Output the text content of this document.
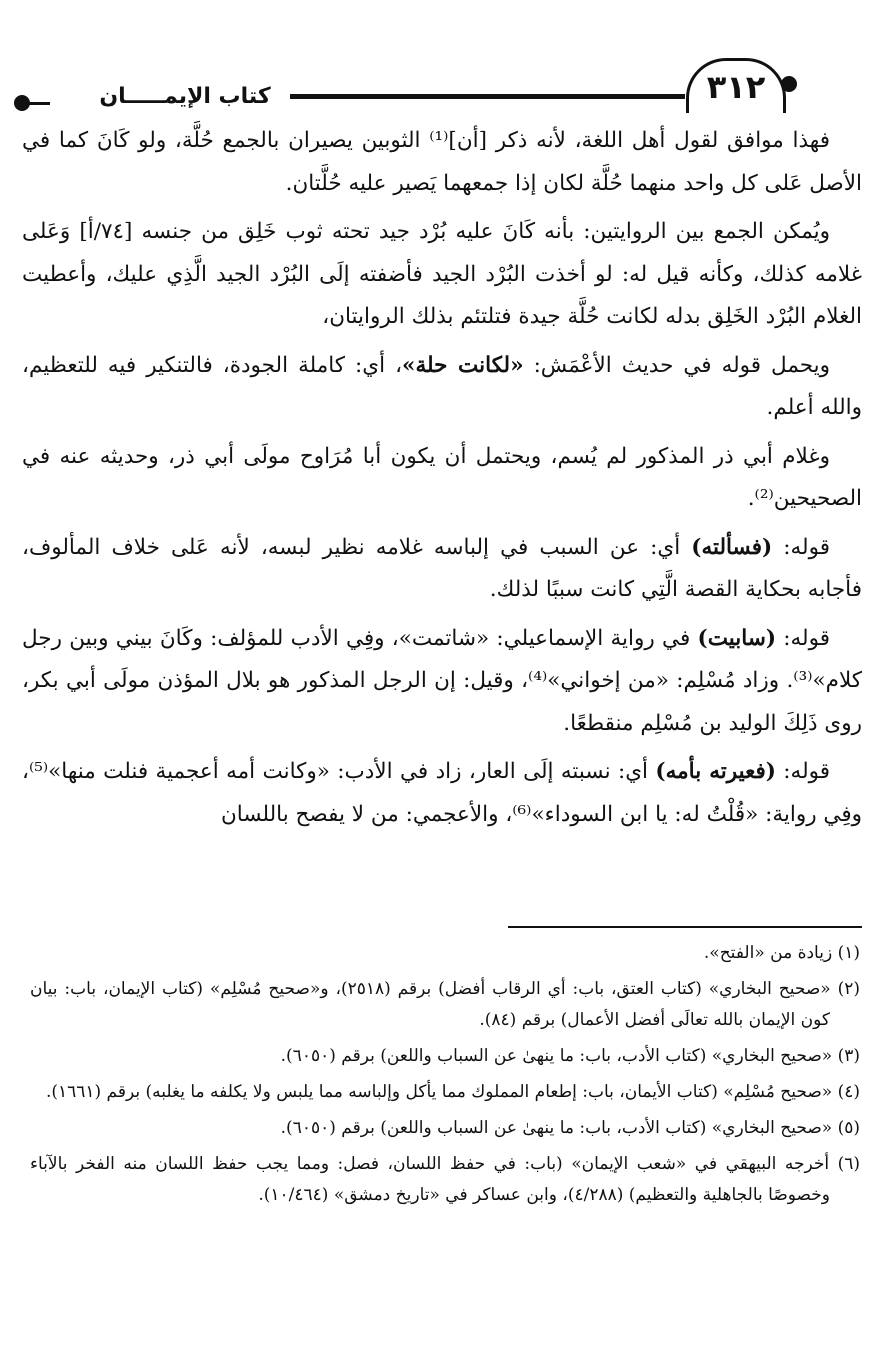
٣١٢
كتاب الإيمـــــان

فهذا موافق لقول أهل اللغة، لأنه ذكر [أن]⁽¹⁾ الثوبين يصيران بالجمع حُلَّة، ولو كَانَ كما في الأصل عَلى كل واحد منهما حُلَّة لكان إذا جمعهما يَصير عليه حُلَّتان.

ويُمكن الجمع بين الروايتين: بأنه كَانَ عليه بُرْد جيد تحته ثوب خَلِق من جنسه [٧٤/أ] وَعَلى غلامه كذلك، وكأنه قيل له: لو أخذت البُرْد الجيد فأضفته إلَى البُرْد الجيد الَّذِي عليك، وأعطيت الغلام البُرْد الخَلِق بدله لكانت حُلَّة جيدة فتلتئم بذلك الروايتان،

ويحمل قوله في حديث الأعْمَش: «لكانت حلة»، أي: كاملة الجودة، فالتنكير فيه للتعظيم، والله أعلم.

وغلام أبي ذر المذكور لم يُسم، ويحتمل أن يكون أبا مُرَاوح مولَى أبي ذر، وحديثه عنه في الصحيحين⁽²⁾.

قوله: (فسألته) أي: عن السبب في إلباسه غلامه نظير لبسه، لأنه عَلى خلاف المألوف، فأجابه بحكاية القصة الَّتِي كانت سببًا لذلك.

قوله: (سابيت) في رواية الإسماعيلي: «شاتمت»، وفِي الأدب للمؤلف: وكَانَ بيني وبين رجل كلام»⁽³⁾. وزاد مُسْلِم: «من إخواني»⁽⁴⁾، وقيل: إن الرجل المذكور هو بلال المؤذن مولَى أبي بكر، روى ذَلِكَ الوليد بن مُسْلِم منقطعًا.

قوله: (فعيرته بأمه) أي: نسبته إلَى العار، زاد في الأدب: «وكانت أمه أعجمية فنلت منها»⁽⁵⁾، وفِي رواية: «قُلْتُ له: يا ابن السوداء»⁽⁶⁾، والأعجمي: من لا يفصح باللسان

(١) زيادة من «الفتح».

(٢) «صحيح البخاري» (كتاب العتق، باب: أي الرقاب أفضل) برقم (٢٥١٨)، و«صحيح مُسْلِم» (كتاب الإيمان، باب: بيان كون الإيمان بالله تعالَى أفضل الأعمال) برقم (٨٤).

(٣) «صحيح البخاري» (كتاب الأدب، باب: ما ينهىٰ عن السباب واللعن) برقم (٦٠٥٠).

(٤) «صحيح مُسْلِم» (كتاب الأيمان، باب: إطعام المملوك مما يأكل وإلباسه مما يلبس ولا يكلفه ما يغلبه) برقم (١٦٦١).

(٥) «صحيح البخاري» (كتاب الأدب، باب: ما ينهىٰ عن السباب واللعن) برقم (٦٠٥٠).

(٦) أخرجه البيهقي في «شعب الإيمان» (باب: في حفظ اللسان، فصل: ومما يجب حفظ اللسان منه الفخر بالآباء وخصوصًا بالجاهلية والتعظيم) (٤/٢٨٨)، وابن عساكر في «تاريخ دمشق» (١٠/٤٦٤).
